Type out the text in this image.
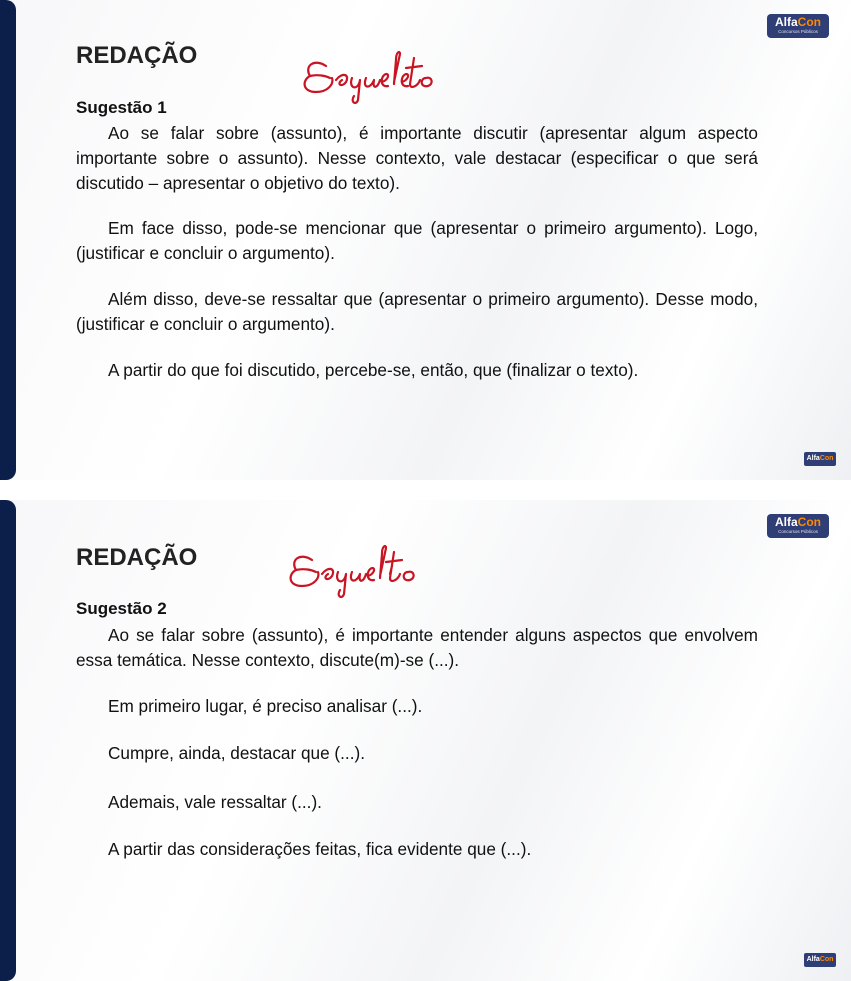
AlfaCon
Concursos Públicos
REDAÇÃO
Sugestão 1

Ao se falar sobre (assunto), é importante discutir (apresentar algum aspecto importante sobre o assunto). Nesse contexto, vale destacar (especificar o que será discutido – apresentar o objetivo do texto).

Em face disso, pode-se mencionar que (apresentar o primeiro argumento). Logo, (justificar e concluir o argumento).

Além disso, deve-se ressaltar que (apresentar o primeiro argumento). Desse modo, (justificar e concluir o argumento).

A partir do que foi discutido, percebe-se, então, que (finalizar o texto).

AlfaCon
AlfaCon
Concursos Públicos
REDAÇÃO
Sugestão 2

Ao se falar sobre (assunto), é importante entender alguns aspectos que envolvem essa temática. Nesse contexto, discute(m)-se (...).

Em primeiro lugar, é preciso analisar (...).

Cumpre, ainda, destacar que (...).

Ademais, vale ressaltar (...).

A partir das considerações feitas, fica evidente que (...).

AlfaCon
